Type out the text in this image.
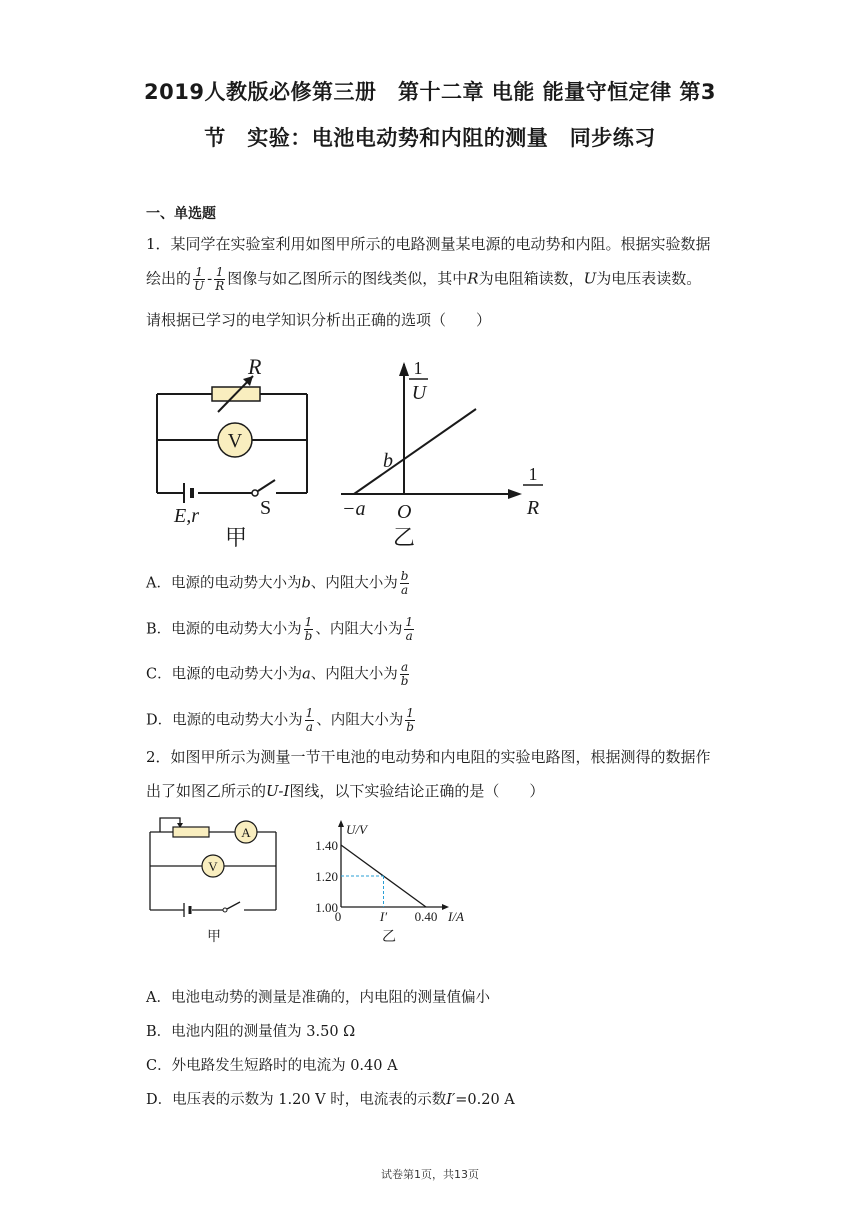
2019人教版必修第三册　第十二章 电能 能量守恒定律 第3
节　实验：电池电动势和内阻的测量　同步练习
一、单选题
1．某同学在实验室利用如图甲所示的电路测量某电源的电动势和内阻。根据实验数据
绘出的 $\frac{1}{U} - \frac{1}{R}$ 图像与如乙图所示的图线类似，其中R为电阻箱读数，U为电压表读数。
请根据已学习的电学知识分析出正确的选项（　　）
V
R
E,r	S
甲
1
U
1
R
b
−a O
乙
A．电源的电动势大小为b、内阻大小为 $\frac{b}{a}$
B．电源的电动势大小为 $\frac{1}{b}$ 、内阻大小为 $\frac{1}{a}$
C．电源的电动势大小为a、内阻大小为 $\frac{a}{b}$
D．电源的电动势大小为 $\frac{1}{a}$ 、内阻大小为 $\frac{1}{b}$
2．如图甲所示为测量一节干电池的电动势和内电阻的实验电路图，根据测得的数据作
出了如图乙所示的U-I图线，以下实验结论正确的是（　　）
A
V
甲
U/V
I/A
1.40
1.20
1.00
0	I′ 0.40
乙
A．电池电动势的测量是准确的，内电阻的测量值偏小
B．电池内阻的测量值为 3.50 Ω
C．外电路发生短路时的电流为 0.40 A
D．电压表的示数为 1.20 V 时，电流表的示数I′=0.20 A
试卷第1页，共13页
